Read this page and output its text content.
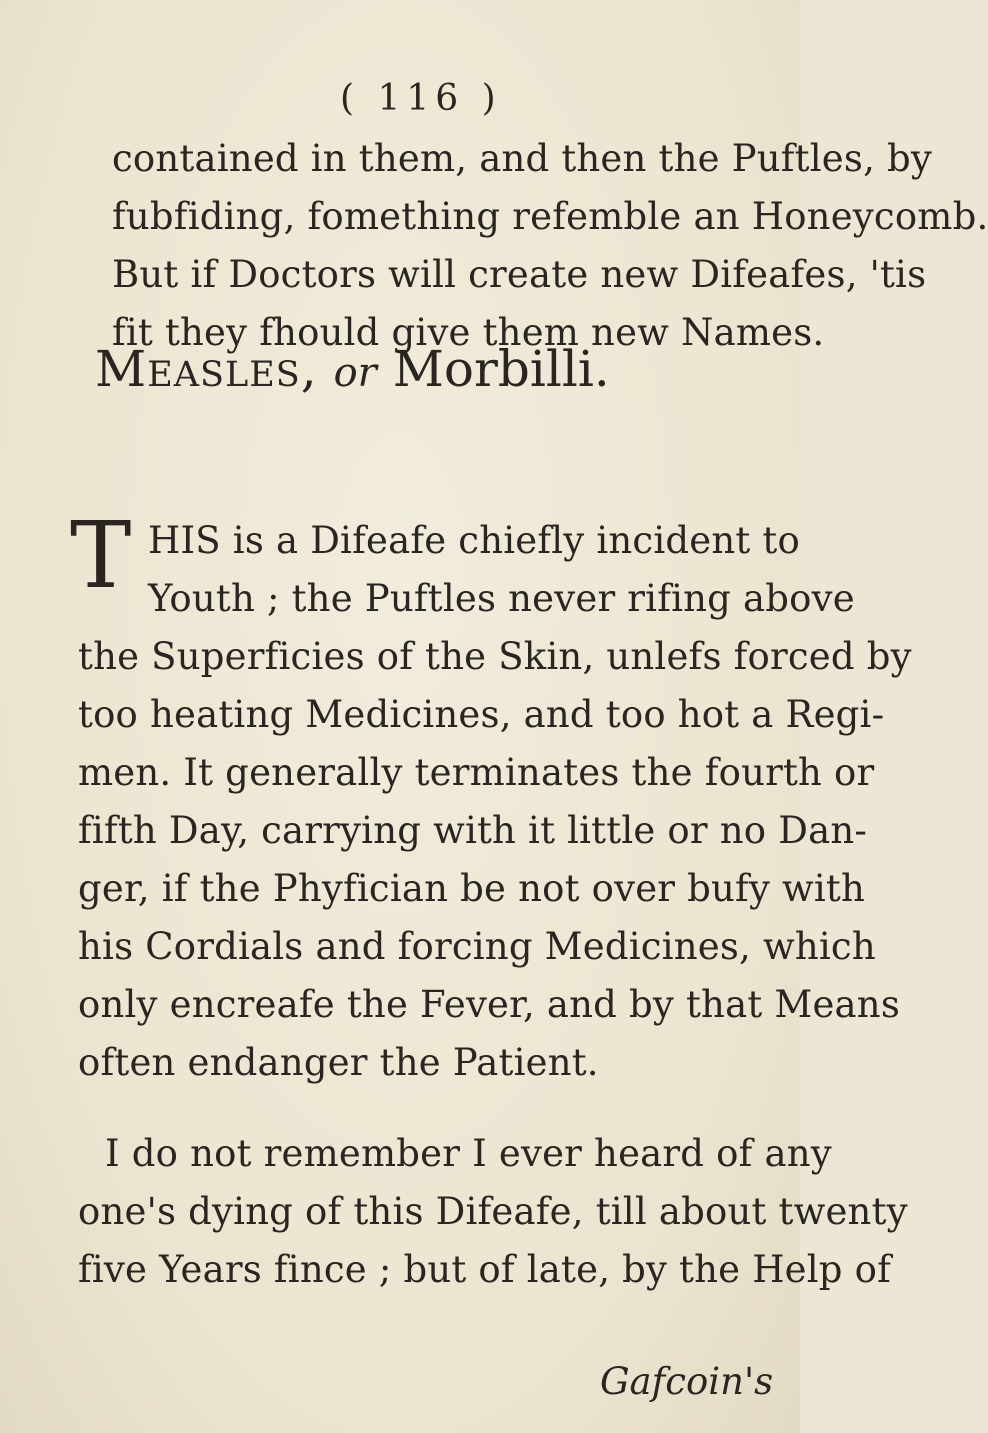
( 116 )
contained in them, and then the Puftles, by
fubfiding, fomething refemble an Honeycomb.
But if Doctors will create new Difeafes, 'tis
fit they fhould give them new Names.
Measles, or Morbilli.
T HIS is a Difeafe chiefly incident to
Youth ; the Puftles never rifing above
the Superficies of the Skin, unlefs forced by
too heating Medicines, and too hot a Regi-
men. It generally terminates the fourth or
fifth Day, carrying with it little or no Dan-
ger, if the Phyfician be not over bufy with
his Cordials and forcing Medicines, which
only encreafe the Fever, and by that Means
often endanger the Patient.
I do not remember I ever heard of any
one's dying of this Difeafe, till about twenty
five Years fince ; but of late, by the Help of
Gafcoin's
